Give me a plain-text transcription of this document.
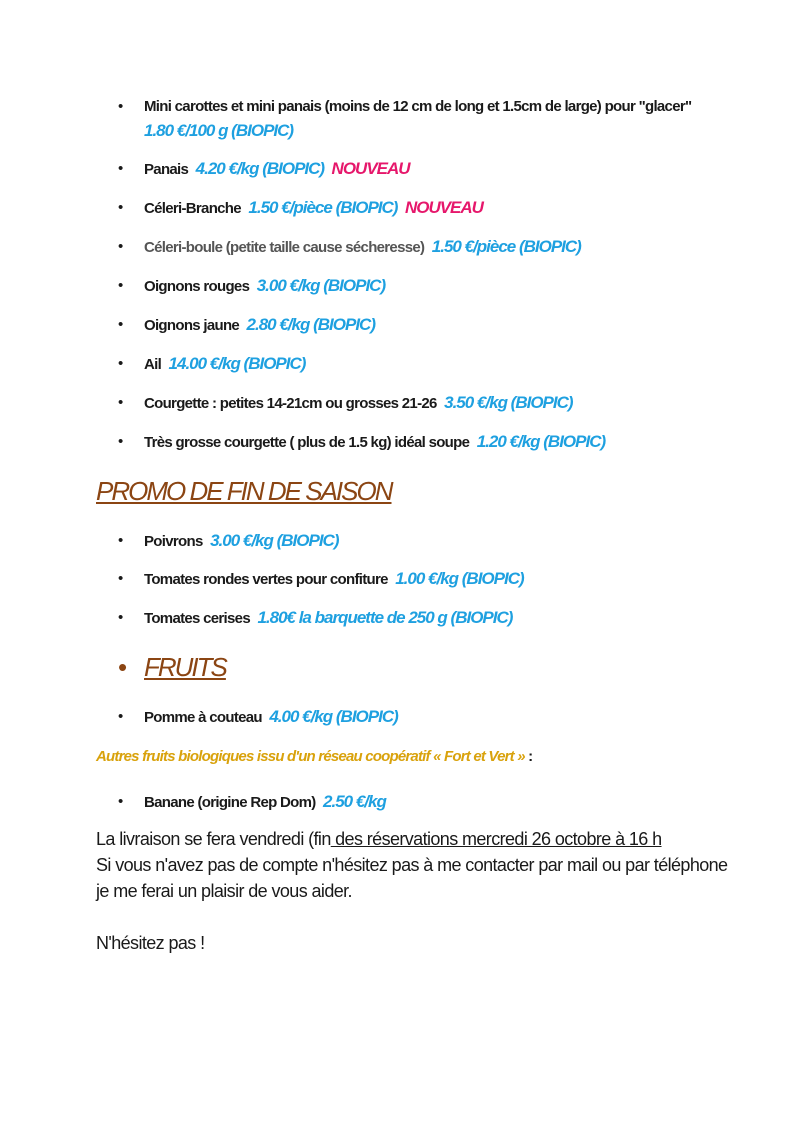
• Mini carottes et mini panais (moins de 12 cm de long et 1.5cm de large) pour "glacer"
1.80 €/100 g (BIOPIC)
• Panais 4.20 €/kg (BIOPIC) NOUVEAU
• Céleri-Branche 1.50 €/pièce (BIOPIC) NOUVEAU
• Céleri-boule (petite taille cause sécheresse) 1.50 €/pièce (BIOPIC)
• Oignons rouges 3.00 €/kg (BIOPIC)
• Oignons jaune 2.80 €/kg (BIOPIC)
• Ail 14.00 €/kg (BIOPIC)
• Courgette : petites 14-21cm ou grosses 21-26 3.50 €/kg (BIOPIC)
• Très grosse courgette ( plus de 1.5 kg) idéal soupe 1.20 €/kg (BIOPIC)
PROMO DE FIN DE SAISON
• Poivrons 3.00 €/kg (BIOPIC)
• Tomates rondes vertes pour confiture 1.00 €/kg (BIOPIC)
• Tomates cerises 1.80€ la barquette de 250 g (BIOPIC)
• FRUITS
• Pomme à couteau 4.00 €/kg (BIOPIC)
Autres fruits biologiques issu d'un réseau coopératif « Fort et Vert » :
• Banane (origine Rep Dom) 2.50 €/kg
La livraison se fera vendredi (fin des réservations mercredi 26 octobre à 16 h
Si vous n'avez pas de compte n'hésitez pas à me contacter par mail ou par téléphone
je me ferai un plaisir de vous aider.
N'hésitez pas !
